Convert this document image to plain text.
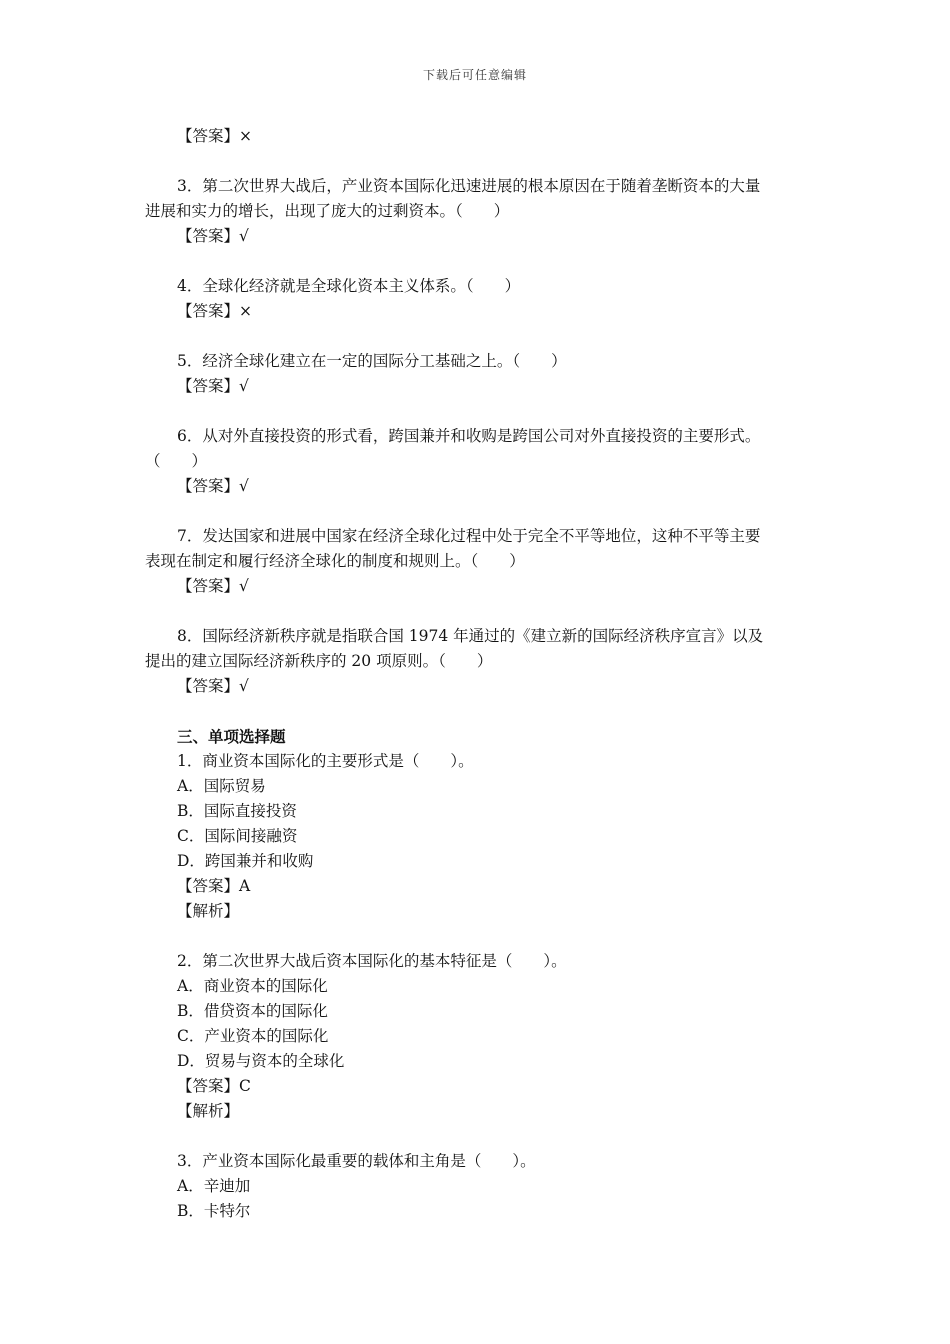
下载后可任意编辑
【答案】×
3．第二次世界大战后，产业资本国际化迅速进展的根本原因在于随着垄断资本的大量
进展和实力的增长，出现了庞大的过剩资本。（　　）
【答案】√
4．全球化经济就是全球化资本主义体系。（　　）
【答案】×
5．经济全球化建立在一定的国际分工基础之上。（　　）
【答案】√
6．从对外直接投资的形式看，跨国兼并和收购是跨国公司对外直接投资的主要形式。
（　　）
【答案】√
7．发达国家和进展中国家在经济全球化过程中处于完全不平等地位，这种不平等主要
表现在制定和履行经济全球化的制度和规则上。（　　）
【答案】√
8．国际经济新秩序就是指联合国 1974 年通过的《建立新的国际经济秩序宣言》以及
提出的建立国际经济新秩序的 20 项原则。（　　）
【答案】√
三、单项选择题
1．商业资本国际化的主要形式是（　　）。
A．国际贸易
B．国际直接投资
C．国际间接融资
D．跨国兼并和收购
【答案】A
【解析】
2．第二次世界大战后资本国际化的基本特征是（　　）。
A．商业资本的国际化
B．借贷资本的国际化
C．产业资本的国际化
D．贸易与资本的全球化
【答案】C
【解析】
3．产业资本国际化最重要的载体和主角是（　　）。
A．辛迪加
B．卡特尔
